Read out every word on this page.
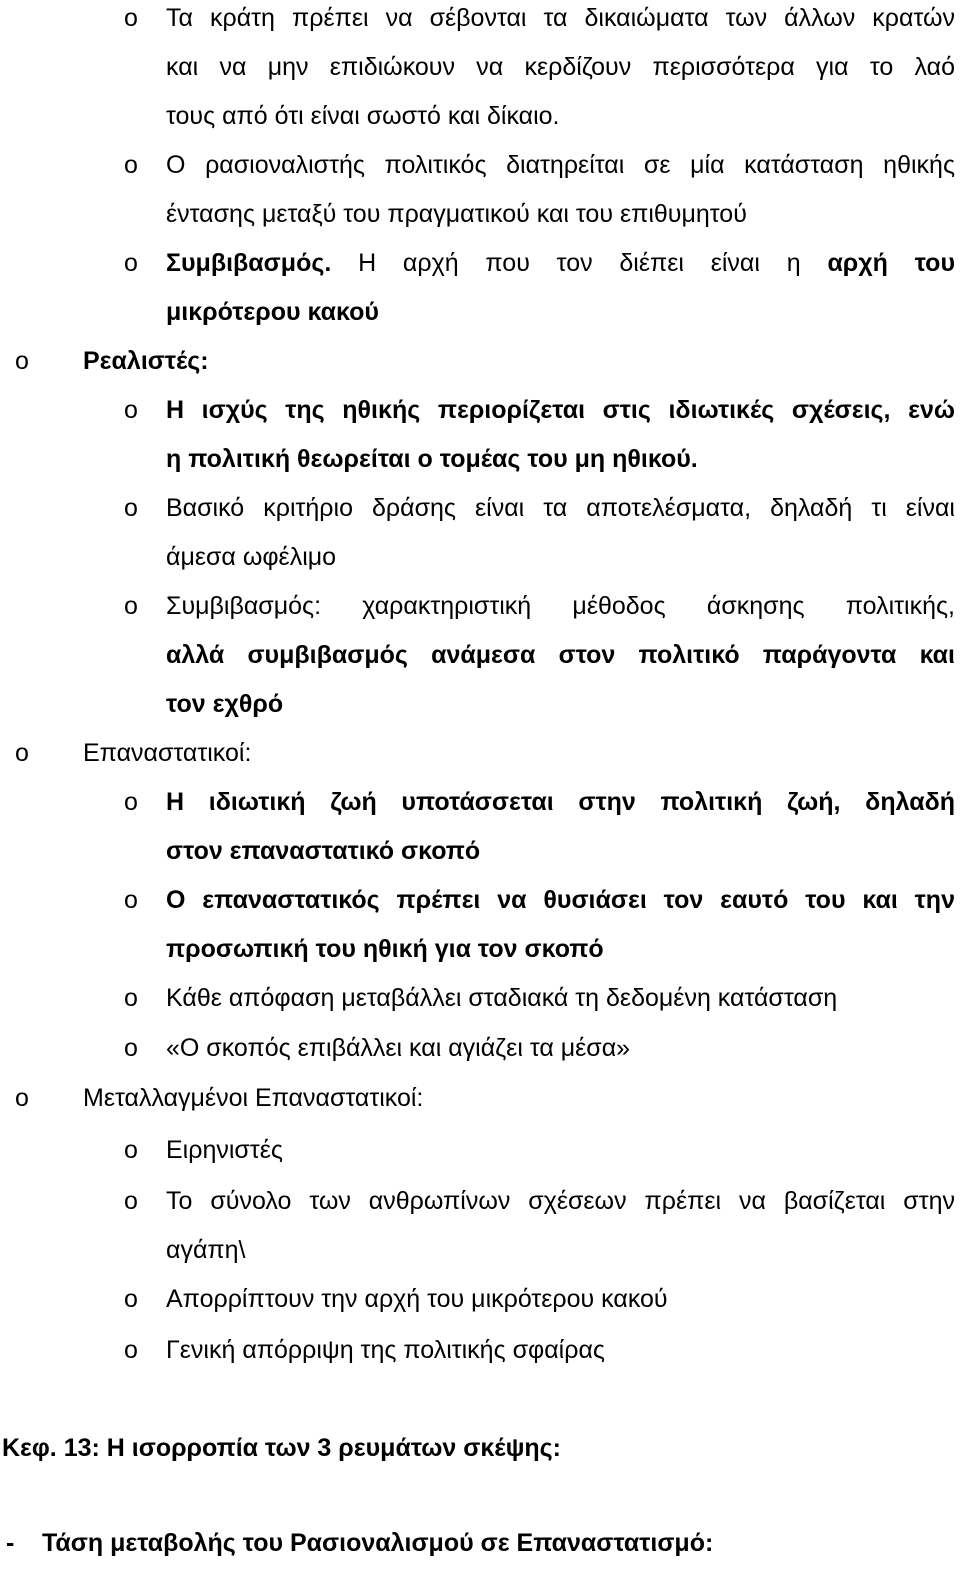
o Τα κράτη πρέπει να σέβονται τα δικαιώματα των άλλων κρατών
και να μην επιδιώκουν να κερδίζουν περισσότερα για το λαό
τους από ότι είναι σωστό και δίκαιο.
o Ο ρασιοναλιστής πολιτικός διατηρείται σε μία κατάσταση ηθικής
έντασης μεταξύ του πραγματικού και του επιθυμητού
o Συμβιβασμός. Η αρχή που τον διέπει είναι η αρχή του
μικρότερου κακού
o Ρεαλιστές:
o Η ισχύς της ηθικής περιορίζεται στις ιδιωτικές σχέσεις, ενώ
η πολιτική θεωρείται ο τομέας του μη ηθικού.
o Βασικό κριτήριο δράσης είναι τα αποτελέσματα, δηλαδή τι είναι
άμεσα ωφέλιμο
o Συμβιβασμός: χαρακτηριστική μέθοδος άσκησης πολιτικής,
αλλά συμβιβασμός ανάμεσα στον πολιτικό παράγοντα και
τον εχθρό
o Επαναστατικοί:
o Η ιδιωτική ζωή υποτάσσεται στην πολιτική ζωή, δηλαδή
στον επαναστατικό σκοπό
o Ο επαναστατικός πρέπει να θυσιάσει τον εαυτό του και την
προσωπική του ηθική για τον σκοπό
o Κάθε απόφαση μεταβάλλει σταδιακά τη δεδομένη κατάσταση
o «Ο σκοπός επιβάλλει και αγιάζει τα μέσα»
o Μεταλλαγμένοι Επαναστατικοί:
o Ειρηνιστές
o Το σύνολο των ανθρωπίνων σχέσεων πρέπει να βασίζεται στην
αγάπη\
o Απορρίπτουν την αρχή του μικρότερου κακού
o Γενική απόρριψη της πολιτικής σφαίρας
Κεφ. 13: Η ισορροπία των 3 ρευμάτων σκέψης:
- Τάση μεταβολής του Ρασιοναλισμού σε Επαναστατισμό:
